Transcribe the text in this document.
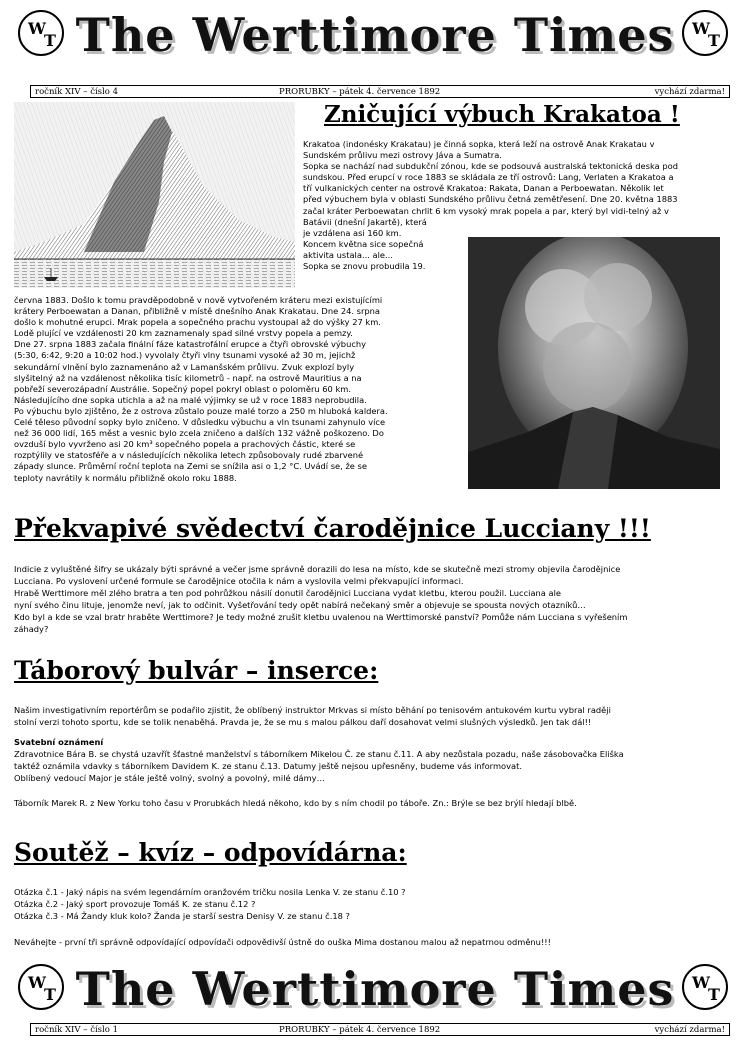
W
T The Werttimore Times	W
T
ročník XIV – číslo 4	PRORUBKY – pátek 4. července 1892	vychází zdarma!
Zničující výbuch Krakatoa !
Krakatoa (indonésky Krakatau) je činná sopka, která leží na ostrově Anak Krakatau v
Sundském průlivu mezi ostrovy Jáva a Sumatra.
Sopka se nachází nad subdukční zónou, kde se podsouvá australská tektonická deska pod
sundskou. Před erupcí v roce 1883 se skládala ze tří ostrovů: Lang, Verlaten a Krakatoa a
tří vulkanických center na ostrově Krakatoa: Rakata, Danan a Perboewatan. Několik let
před výbuchem byla v oblasti Sundského průlivu četná zemětřesení. Dne 20. května 1883
začal kráter Perboewatan chrlit 6 km vysoký mrak popela a par, který byl vidi-telný až v
Batávii (dnešní Jakartě), která
je vzdálena asi 160 km.
Koncem května sice sopečná
aktivita ustala... ale...
Sopka se znovu probudila 19.
června 1883. Došlo k tomu pravděpodobně v nově vytvořeném kráteru mezi existujícími
krátery Perboewatan a Danan, přibližně v místě dnešního Anak Krakatau. Dne 24. srpna
došlo k mohutné erupci. Mrak popela a sopečného prachu vystoupal až do výšky 27 km.
Lodě plující ve vzdálenosti 20 km zaznamenaly spad silné vrstvy popela a pemzy.
Dne 27. srpna 1883 začala finální fáze katastrofální erupce a čtyři obrovské výbuchy
(5:30, 6:42, 9:20 a 10:02 hod.) vyvolaly čtyři vlny tsunami vysoké až 30 m, jejichž
sekundární vlnění bylo zaznamenáno až v Lamanšském průlivu. Zvuk explozí byly
slyšitelný až na vzdálenost několika tisíc kilometrů - např. na ostrově Mauritius a na
pobřeží severozápadní Austrálie. Sopečný popel pokryl oblast o poloměru 60 km.
Následujícího dne sopka utichla a až na malé výjimky se už v roce 1883 neprobudila.
Po výbuchu bylo zjištěno, že z ostrova zůstalo pouze malé torzo a 250 m hluboká kaldera.
Celé těleso původní sopky bylo zničeno. V důsledku výbuchu a vln tsunami zahynulo více
než 36 000 lidí, 165 měst a vesnic bylo zcela zničeno a dalších 132 vážně poškozeno. Do
ovzduší bylo vyvrženo asi 20 km³ sopečného popela a prachových částic, které se
rozptýlily ve statosféře a v následujících několika letech způsobovaly rudé zbarvené
západy slunce. Průměrní roční teplota na Zemi se snížila asi o 1,2 °C. Uvádí se, že se
teploty navrátily k normálu přibližně okolo roku 1888.
Překvapivé svědectví čarodějnice Lucciany !!!
Indicie z vyluštěné šifry se ukázaly býti správné a večer jsme správně dorazili do lesa na místo, kde se skutečně mezi stromy objevila čarodějnice
Lucciana. Po vyslovení určené formule se čarodějnice otočila k nám a vyslovila velmi překvapující informaci.
Hrabě Werttimore měl zlého bratra a ten pod pohrůžkou násilí donutil čarodějnici Lucciana vydat kletbu, kterou použil. Lucciana ale
nyní svého činu lituje, jenomže neví, jak to odčinit. Vyšetřování tedy opět nabírá nečekaný směr a objevuje se spousta nových otazníků…
Kdo byl a kde se vzal bratr hraběte Werttimore? Je tedy možné zrušit kletbu uvalenou na Werttimorské panství? Pomůže nám Lucciana s vyřešením
záhady?
Táborový bulvár – inserce:
Našim investigativním reportérům se podařilo zjistit, že oblíbený instruktor Mrkvas si místo běhání po tenisovém antukovém kurtu vybral raději
stolní verzi tohoto sportu, kde se tolik nenaběhá. Pravda je, že se mu s malou pálkou daří dosahovat velmi slušných výsledků. Jen tak dál!!
Svatební oznámení
Zdravotnice Bára B. se chystá uzavřít šťastné manželství s táborníkem Mikelou Č. ze stanu č.11. A aby nezůstala pozadu, naše zásobovačka Eliška
taktéž oznámila vdavky s táborníkem Davidem K. ze stanu č.13. Datumy ještě nejsou upřesněny, budeme vás informovat.
Oblíbený vedoucí Major je stále ještě volný, svolný a povolný, milé dámy…
Táborník Marek R. z New Yorku toho času v Prorubkách hledá někoho, kdo by s ním chodil po táboře. Zn.: Brýle se bez brýlí hledají blbě.
Soutěž – kvíz – odpovídárna:
Otázka č.1 - Jaký nápis na svém legendárním oranžovém tričku nosila Lenka V. ze stanu č.10 ?
Otázka č.2 - Jaký sport provozuje Tomáš K. ze stanu č.12 ?
Otázka č.3 - Má Žandy kluk kolo? Žanda je starší sestra Denisy V. ze stanu č.18 ?
Neváhejte - první tři správně odpovídající odpovídači odpovědivší ústně do ouška Mima dostanou malou až nepatrnou odměnu!!!
W
T The Werttimore Times	W
T
ročník XIV – číslo 1	PRORUBKY – pátek 4. července 1892	vychází zdarma!
